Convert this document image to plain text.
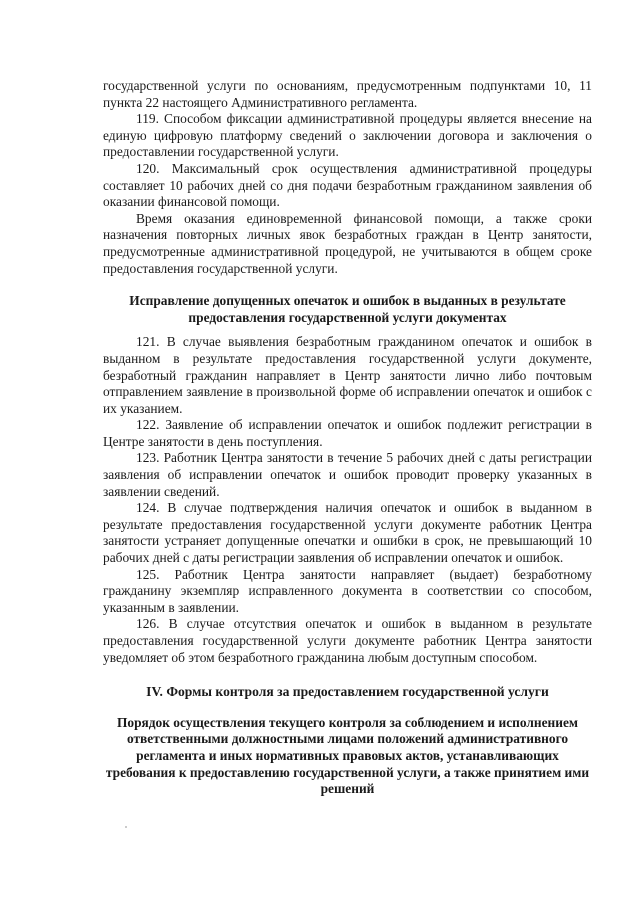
государственной услуги по основаниям, предусмотренным подпунктами 10, 11 пункта 22 настоящего Административного регламента.

119. Способом фиксации административной процедуры является внесение на единую цифровую платформу сведений о заключении договора и заключения о предоставлении государственной услуги.

120. Максимальный срок осуществления административной процедуры составляет 10 рабочих дней со дня подачи безработным гражданином заявления об оказании финансовой помощи.

Время оказания единовременной финансовой помощи, а также сроки назначения повторных личных явок безработных граждан в Центр занятости, предусмотренные административной процедурой, не учитываются в общем сроке предоставления государственной услуги.

Исправление допущенных опечаток и ошибок в выданных в результате предоставления государственной услуги документах

121. В случае выявления безработным гражданином опечаток и ошибок в выданном в результате предоставления государственной услуги документе, безработный гражданин направляет в Центр занятости лично либо почтовым отправлением заявление в произвольной форме об исправлении опечаток и ошибок с их указанием.

122. Заявление об исправлении опечаток и ошибок подлежит регистрации в Центре занятости в день поступления.

123. Работник Центра занятости в течение 5 рабочих дней с даты регистрации заявления об исправлении опечаток и ошибок проводит проверку указанных в заявлении сведений.

124. В случае подтверждения наличия опечаток и ошибок в выданном в результате предоставления государственной услуги документе работник Центра занятости устраняет допущенные опечатки и ошибки в срок, не превышающий 10 рабочих дней с даты регистрации заявления об исправлении опечаток и ошибок.

125. Работник Центра занятости направляет (выдает) безработному гражданину экземпляр исправленного документа в соответствии со способом, указанным в заявлении.

126. В случае отсутствия опечаток и ошибок в выданном в результате предоставления государственной услуги документе работник Центра занятости уведомляет об этом безработного гражданина любым доступным способом.

IV. Формы контроля за предоставлением государственной услуги

Порядок осуществления текущего контроля за соблюдением и исполнением ответственными должностными лицами положений административного регламента и иных нормативных правовых актов, устанавливающих требования к предоставлению государственной услуги, а также принятием ими решений
